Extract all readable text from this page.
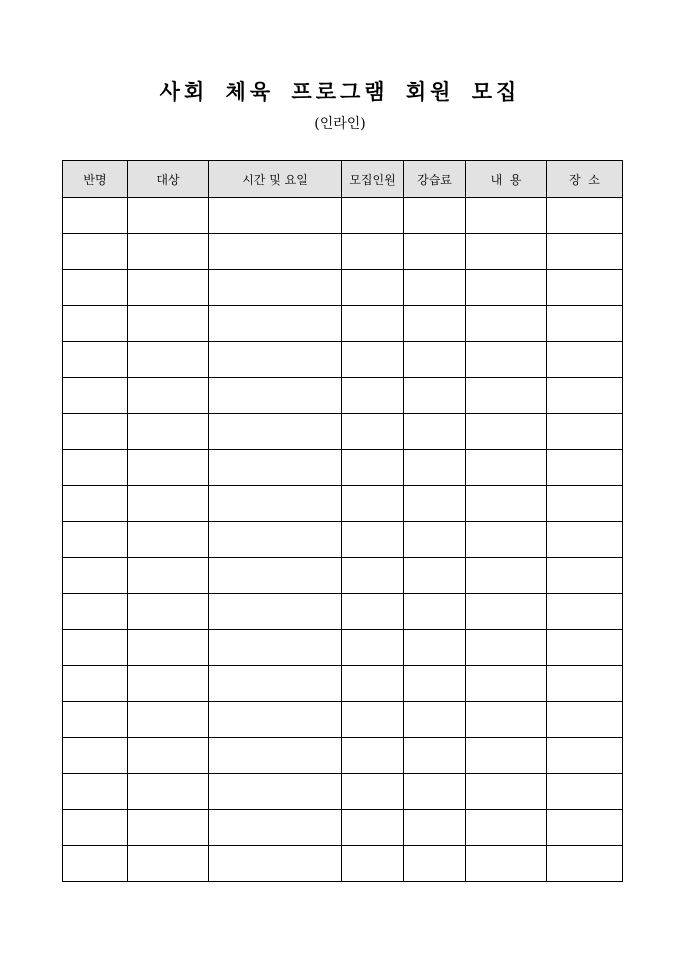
사회 체육 프로그램 회원 모집
(인라인)
반명	대상	시간 및 요일	모집인원	강습료	내  용	장  소
